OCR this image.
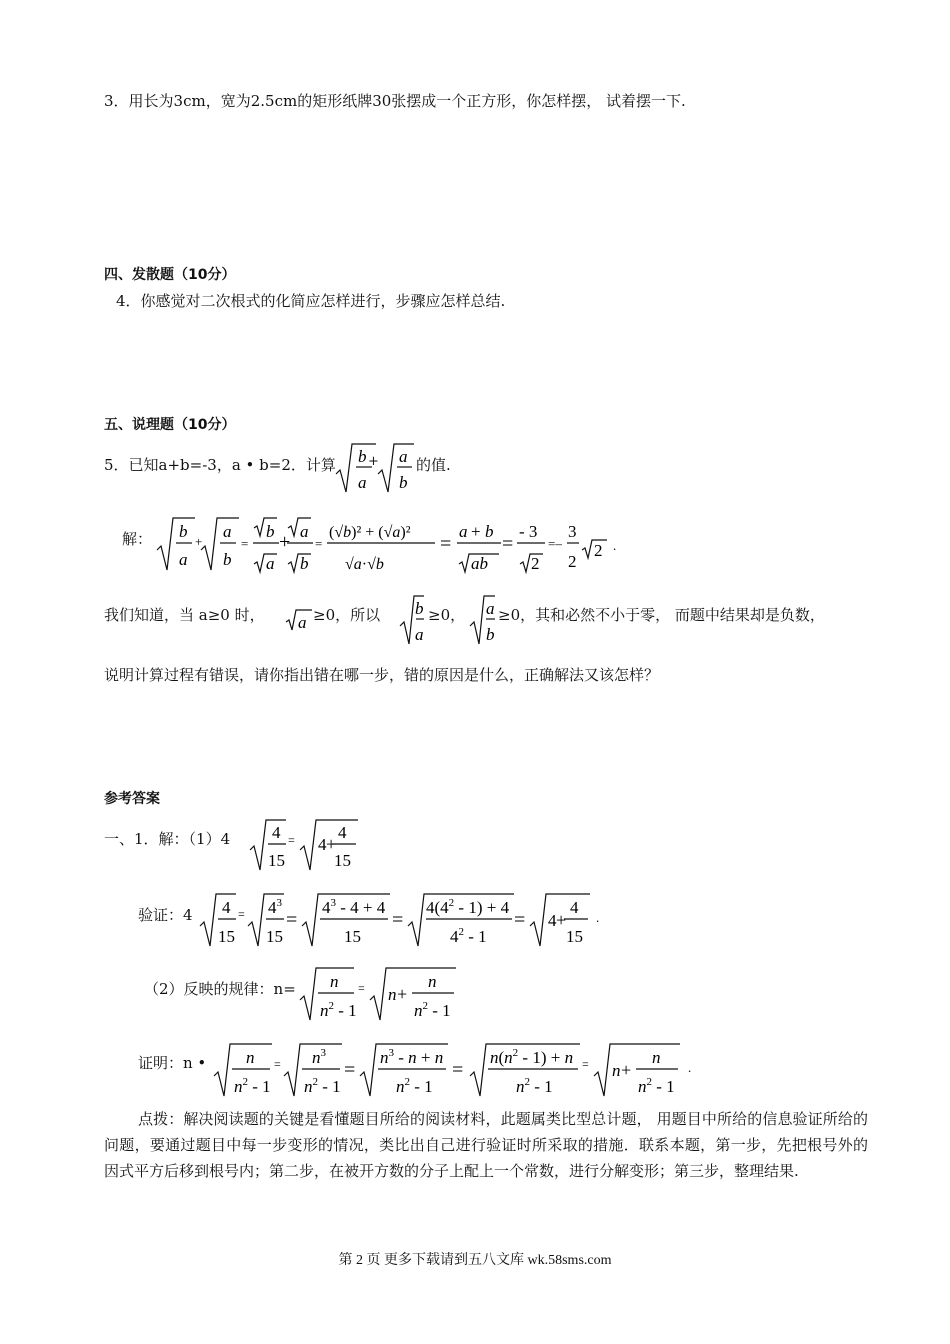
3．用长为3cm，宽为2.5cm的矩形纸牌30张摆成一个正方形，你怎样摆， 试着摆一下.
四、发散题（10分）
4．你感觉对二次根式的化简应怎样进行，步骤应怎样总结.
五、说理题（10分）
5．已知a+b=-3，a • b=2．计算 b
a
a
b
+ 的值.
解： b
a
+
a
b
=
b
a
+ a
b
=
(√b)² + (√a)²
√a·√b
=
a + b
ab
=
- 3
2
=–
3
2
2 .
我们知道，当 a≥0 时， a ≥0，所以 b
a
≥0， a
b
≥0，其和必然不小于零， 而题中结果却是负数，
说明计算过程有错误，请你指出错在哪一步，错的原因是什么，正确解法又该怎样？
参考答案
一、1．解：（1）4 4
15
= 4 +
4
15
验证：4 4
15
= $4^3$
15
=
$4^3 - 4 + 4$
15
=
$4(4^2 - 1) + 4$
$4^2 - 1$
= 4 +
4
15
.
（2）反映的规律：n= n
$n^2 - 1$
= n +
n
$n^2 - 1$
证明：n • n
$n^2 - 1$
= $n^3$
$n^2 - 1$
=
$n^3 - n + n$
$n^2 - 1$
=
$n(n^2 - 1) + n$
$n^2 - 1$
= n +
n
$n^2 - 1$
.
点拨：解决阅读题的关键是看懂题目所给的阅读材料，此题属类比型总计题， 用题目中所给的信息验证所给的问题，要通过题目中每一步变形的情况，类比出自己进行验证时所采取的措施．联系本题，第一步，先把根号外的因式平方后移到根号内；第二步，在被开方数的分子上配上一个常数，进行分解变形；第三步，整理结果.
第 2 页 更多下载请到五八文库 wk.58sms.com
